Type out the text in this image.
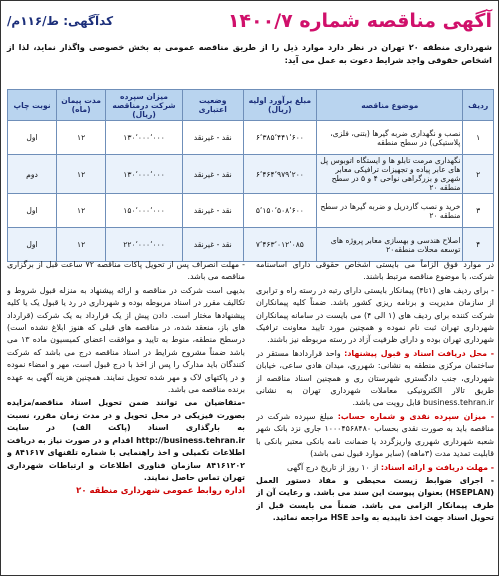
آگهی مناقصه شماره ۱۴۰۰/۷
کدآگهی: ط/۱۱۶م/
شهرداری منطقه ۲۰ تهران در نظر دارد موارد ذیل را از طریق مناقصه عمومی به بخش خصوصی واگذار نماید، لذا از اشخاص حقوقی واجد شرایط دعوت به عمل می آید:
ردیف	موضوع مناقصه	مبلغ برآورد اولیه (ریال)	وضعیت اعتباری	میزان سپرده شرکت درمناقصه (ریال)	مدت پیمان (ماه)	نوبت چاپ
۱	نصب و نگهداری ضربه گیرها (بتنی، فلزی، پلاستیکی) در سطح منطقه	۶٬۳۸۵٬۴۴۱٬۶۰۰	نقد - غیرنقد	۱۳۰٬۰۰۰٬۰۰۰	۱۲	اول
۲	نگهداری مرمت تابلو ها و ایستگاه اتوبوس پل های عابر پیاده و تجهیزات ترافیکی معابر شهری و بزرگراهی نواحی ۴ و ۵ در سطح منطقه ۲۰	۶٬۴۶۴٬۹۷۹٬۲۰۰	نقد - غیرنقد	۱۳۰٬۰۰۰٬۰۰۰	۱۲	دوم
۳	خرید و نصب گاردریل و ضربه گیرها در سطح منطقه ۲۰	۵٬۱۵۰٬۵۰۸٬۶۰۰	نقد - غیرنقد	۱۵۰٬۰۰۰٬۰۰۰	۱۲	اول
۴	اصلاح هندسی و بهسازی معابر پروژه های توسعه محلات منطقه۲۰	۷٬۴۶۳٬۰۱۲٬۰۸۵	نقد - غیرنقد	۲۲۰٬۰۰۰٬۰۰۰	۱۲	اول

در موارد فوق الزاماً می بایستی اشخاص حقوقی دارای اساسنامه شرکت، با موضوع مناقصه مرتبط باشند.

- برای ردیف های (۱تا۴) پیمانکار بایستی دارای رتبه در رسته راه و ترابری از سازمان مدیریت و برنامه ریزی کشور باشد. ضمناً کلیه پیمانکاران شرکت کننده برای ردیف های (۱ الی ۴) می بایست در سامانه پیمانکاران شهرداری تهران ثبت نام نموده و همچنین مورد تایید معاونت ترافیک شهرداری تهران بوده و دارای ظرفیت آزاد در رسته مربوطه نیز باشند.

- محل دریافت اسناد و قبول پیشنهاد: واحد قراردادها مستقر در ساختمان مرکزی منطقه به نشانی: شهرری، میدان هادی ساعی، خیابان شهرداری، جنب دادگستری شهرستان ری و همچنین اسناد مناقصه از طریق تالار الکترونیکی معاملات شهرداری تهران به نشانی business.tehran.ir قابل رویت می باشد.

- میزان سپرده نقدی و شماره حساب: مبلغ سپرده شرکت در مناقصه باید به صورت نقدی بحساب ۱۰۰۰۴۵۶۸۴۸۰ جاری نزد بانک شهر شعبه شهرداری شهرری واریزگردد یا ضمانت نامه بانکی معتبر بانکی با قابلیت تمدید مدت (۳ماهه) (سایر موارد قبول نمی باشد)

- مهلت دریافت و ارائه اسناد: از ۱۰ روز از تاریخ درج آگهی

- اجرای ضوابط زیست محیطی و مفاد دستور العمل (HSEPLAN) بعنوان پیوست این سند می باشد. و رعایت آن از طرف پیمانکار الزامی می باشد. ضمناً می بایست قبل از تحویل اسناد جهت اخذ تاییدیه به واحد HSE مراجعه نمائید.

- مهلت انصراف پس از تحویل پاکات مناقصه ۷۲ ساعت قبل از برگزاری مناقصه می باشد.

بدیهی است شرکت در مناقصه و ارائه پیشنهاد به منزله قبول شروط و تکالیف مقرر در اسناد مربوطه بوده و شهرداری در رد یا قبول یک یا کلیه پیشنهادها مختار است. دادن پیش از یک قرارداد به یک شرکت (قرارداد های باز، منعقد شده، در مناقصه های قبلی که هنوز ابلاغ نشده است) درسطح منطقه، منوط به تایید و موافقت اعضای کمیسیون ماده ۱۳ می باشد ضمناً مشروح شرایط در اسناد مناقصه درج می باشد که شرکت کنندگان باید مدارک را پس از اخذ با درج قبول است، مهر و امضاء نموده و در پاکتهای لاک و مهر شده تحویل نمایند. همچنین هزینه آگهی به عهده برنده مناقصه می باشد.

-متقاضیان می توانند ضمن تحویل اسناد مناقصه/مزایده بصورت فیزیکی در محل تحویل و در مدت زمان مقرر، نسبت به بارگذاری اسناد (پاکت الف) در سایت http://business.tehran.ir اقدام و در صورت نیاز به دریافت اطلاعات تکمیلی و اخذ راهنمایی با شماره تلفنهای ۸۴۱۶۱۷ و ۸۴۱۶۱۲۰۲ سازمان فناوری اطلاعات و ارتباطات شهرداری تهران تماس حاصل نمایند.

اداره روابط عمومی شهرداری منطقه ۲۰
